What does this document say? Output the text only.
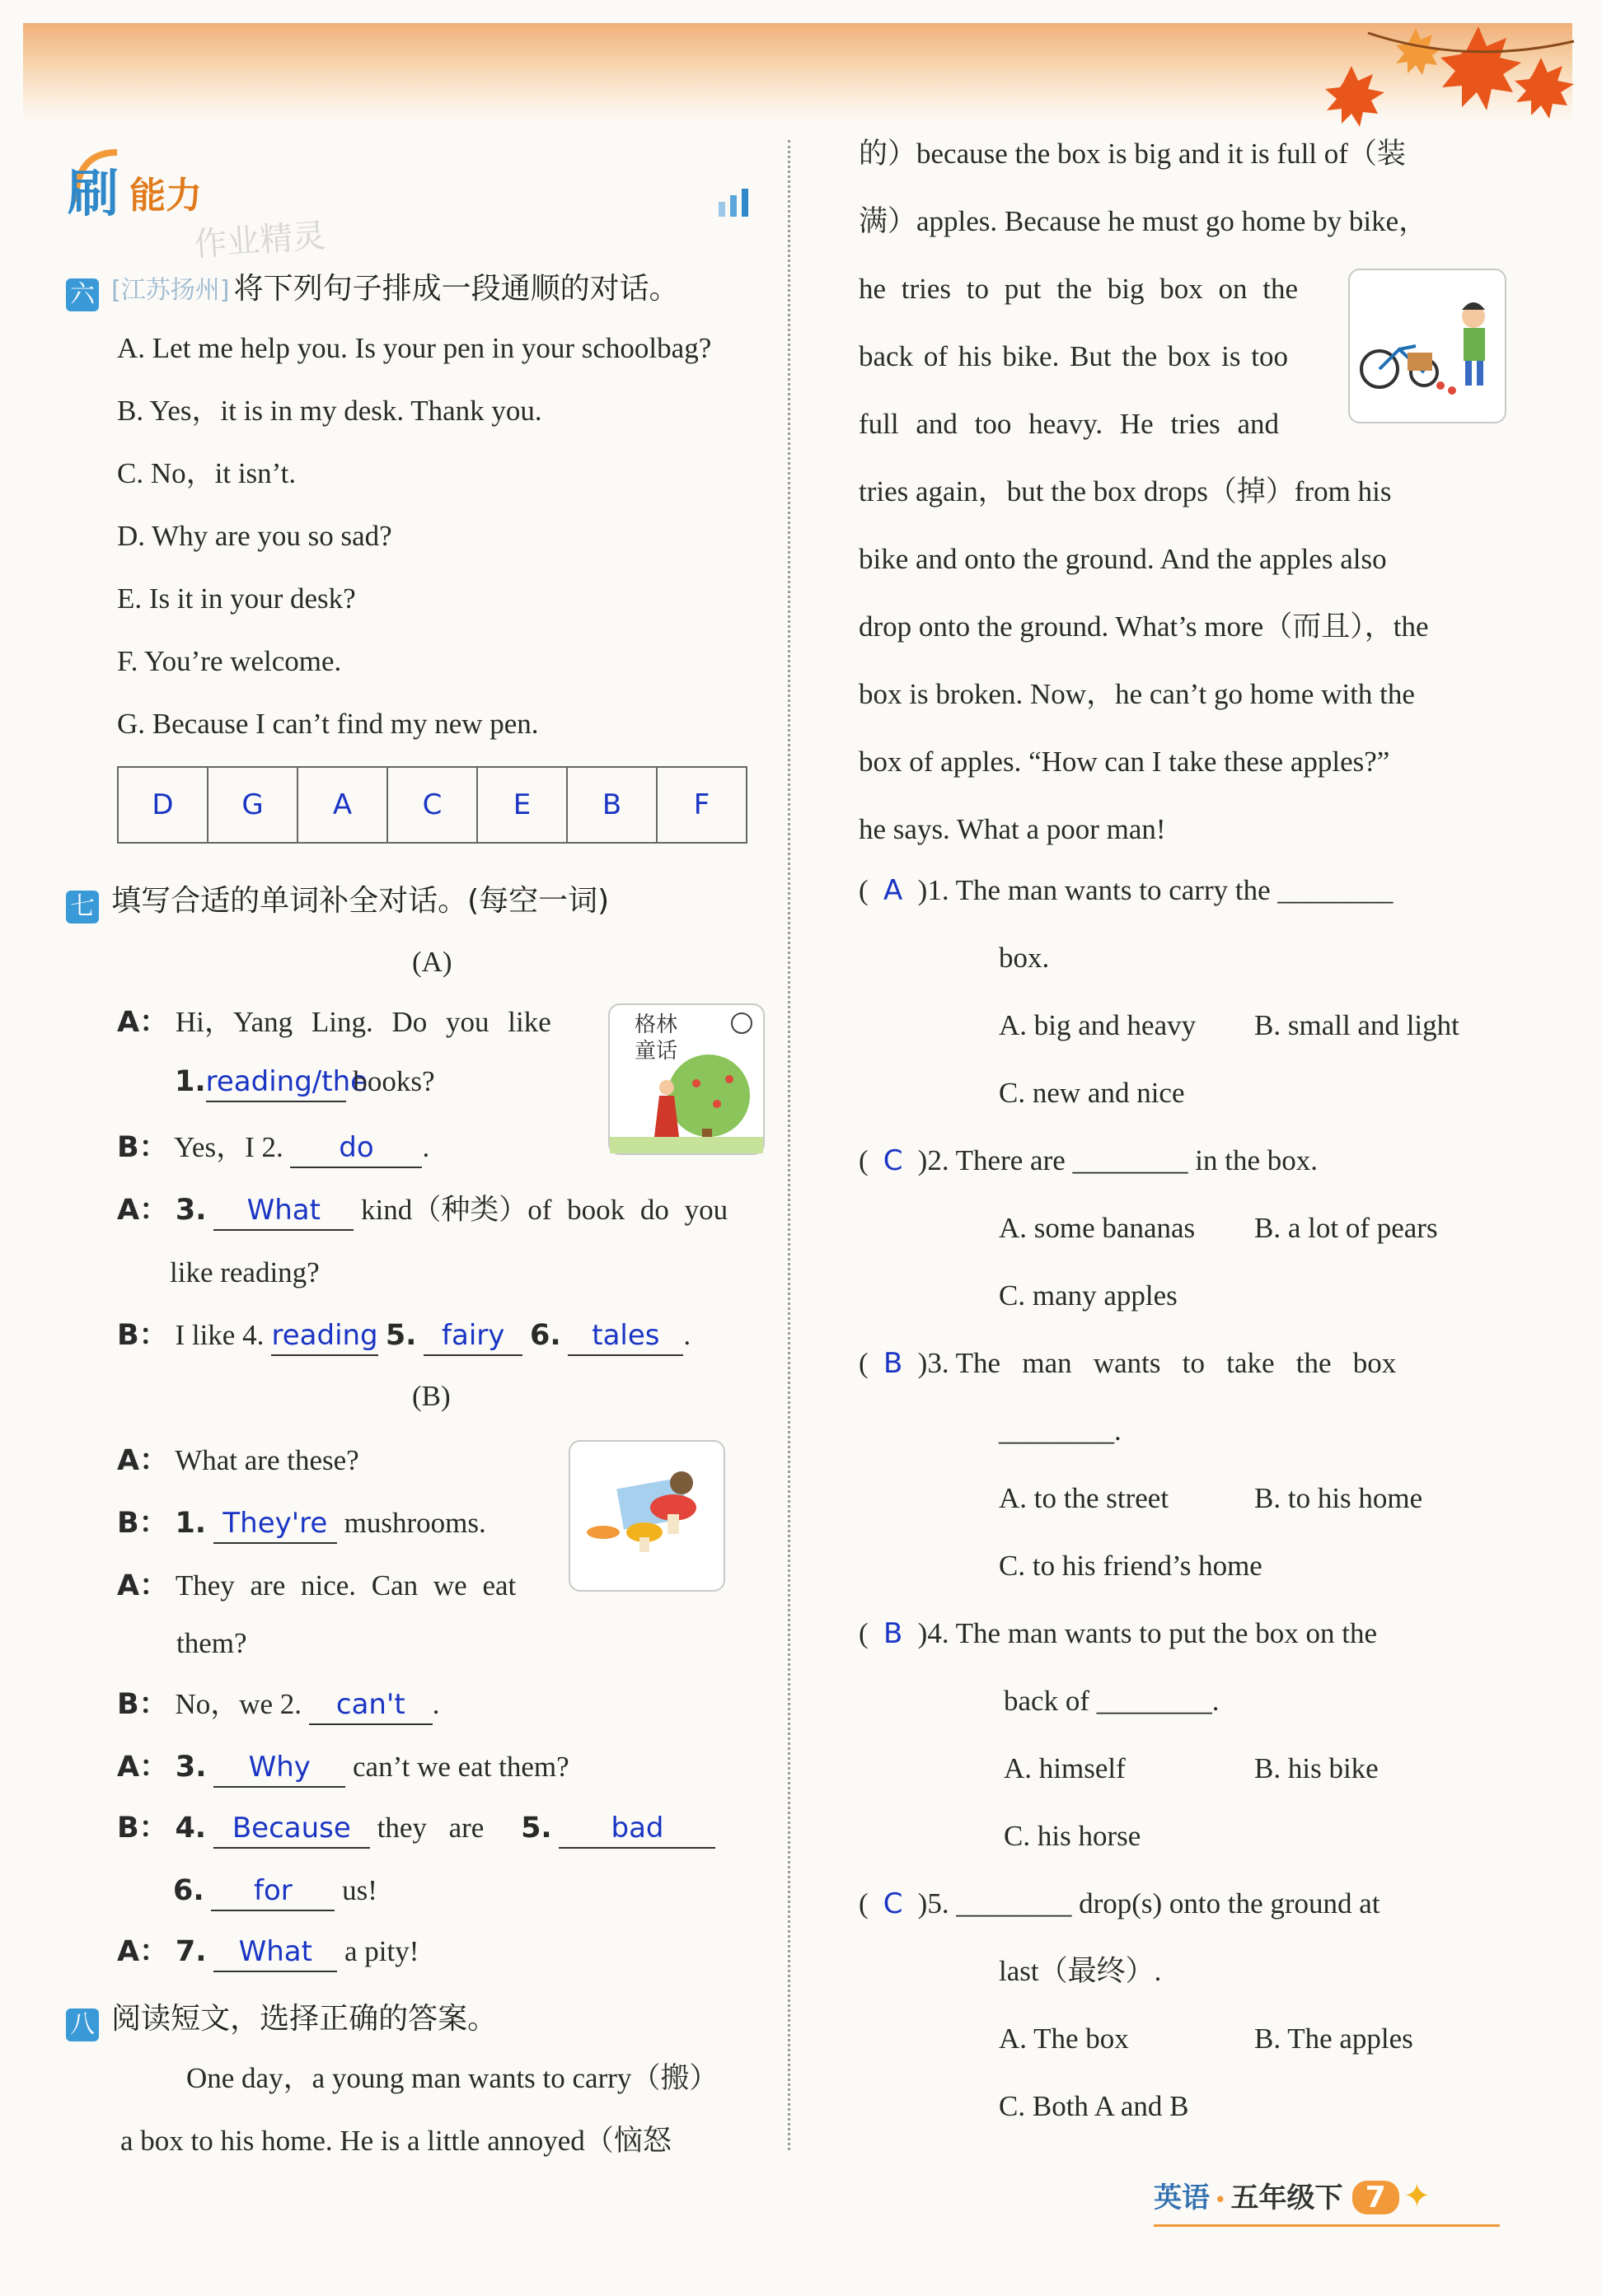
刷 能力
作业精灵
六 [江苏扬州] 将下列句子排成一段通顺的对话。
A. Let me help you. Is your pen in your schoolbag?
B. Yes，it is in my desk. Thank you.
C. No，it isn’t.
D. Why are you so sad?
E. Is it in your desk?
F. You’re welcome.
G. Because I can’t find my new pen.
D	G	A	C	E	B	F
七 填写合适的单词补全对话。(每空一词)
(A)
格林童话
A： Hi，Yang Ling. Do you like
1.reading/the books?
B： Yes，I 2. do .
A： 3. What kind（种类）of book do you
like reading?
B： I like 4. reading 5. fairy 6. tales .
(B)
A： What are these?
B： 1. They're mushrooms.
A： They are nice. Can we eat
them?
B： No，we 2. can't .
A： 3. Why can’t we eat them?
B： 4. Because they are 5. bad
6. for us!
A： 7. What a pity!
八 阅读短文，选择正确的答案。
One day，a young man wants to carry（搬）
a box to his home. He is a little annoyed（恼怒
的）because the box is big and it is full of（装
满）apples. Because he must go home by bike，
he tries to put the big box on the
back of his bike. But the box is too
full and too heavy. He tries and
tries again，but the box drops（掉）from his
bike and onto the ground. And the apples also
drop onto the ground. What’s more（而且），the
box is broken. Now，he can’t go home with the
box of apples. “How can I take these apples?”
he says. What a poor man!
( A )1. The man wants to carry the ________
box.
A. big and heavy B. small and light
C. new and nice
( C )2. There are ________ in the box.
A. some bananas B. a lot of pears
C. many apples
( B )3. The   man   wants   to   take   the   box
________.
A. to the street	B. to his home
C. to his friend’s home
( B )4. The man wants to put the box on the
back of ________.
A. himself	B. his bike
C. his horse
( C )5. ________ drop(s) onto the ground at
last（最终）.
A. The box	B. The apples
C. Both A and B
英语 • 五年级下 7 ✦
